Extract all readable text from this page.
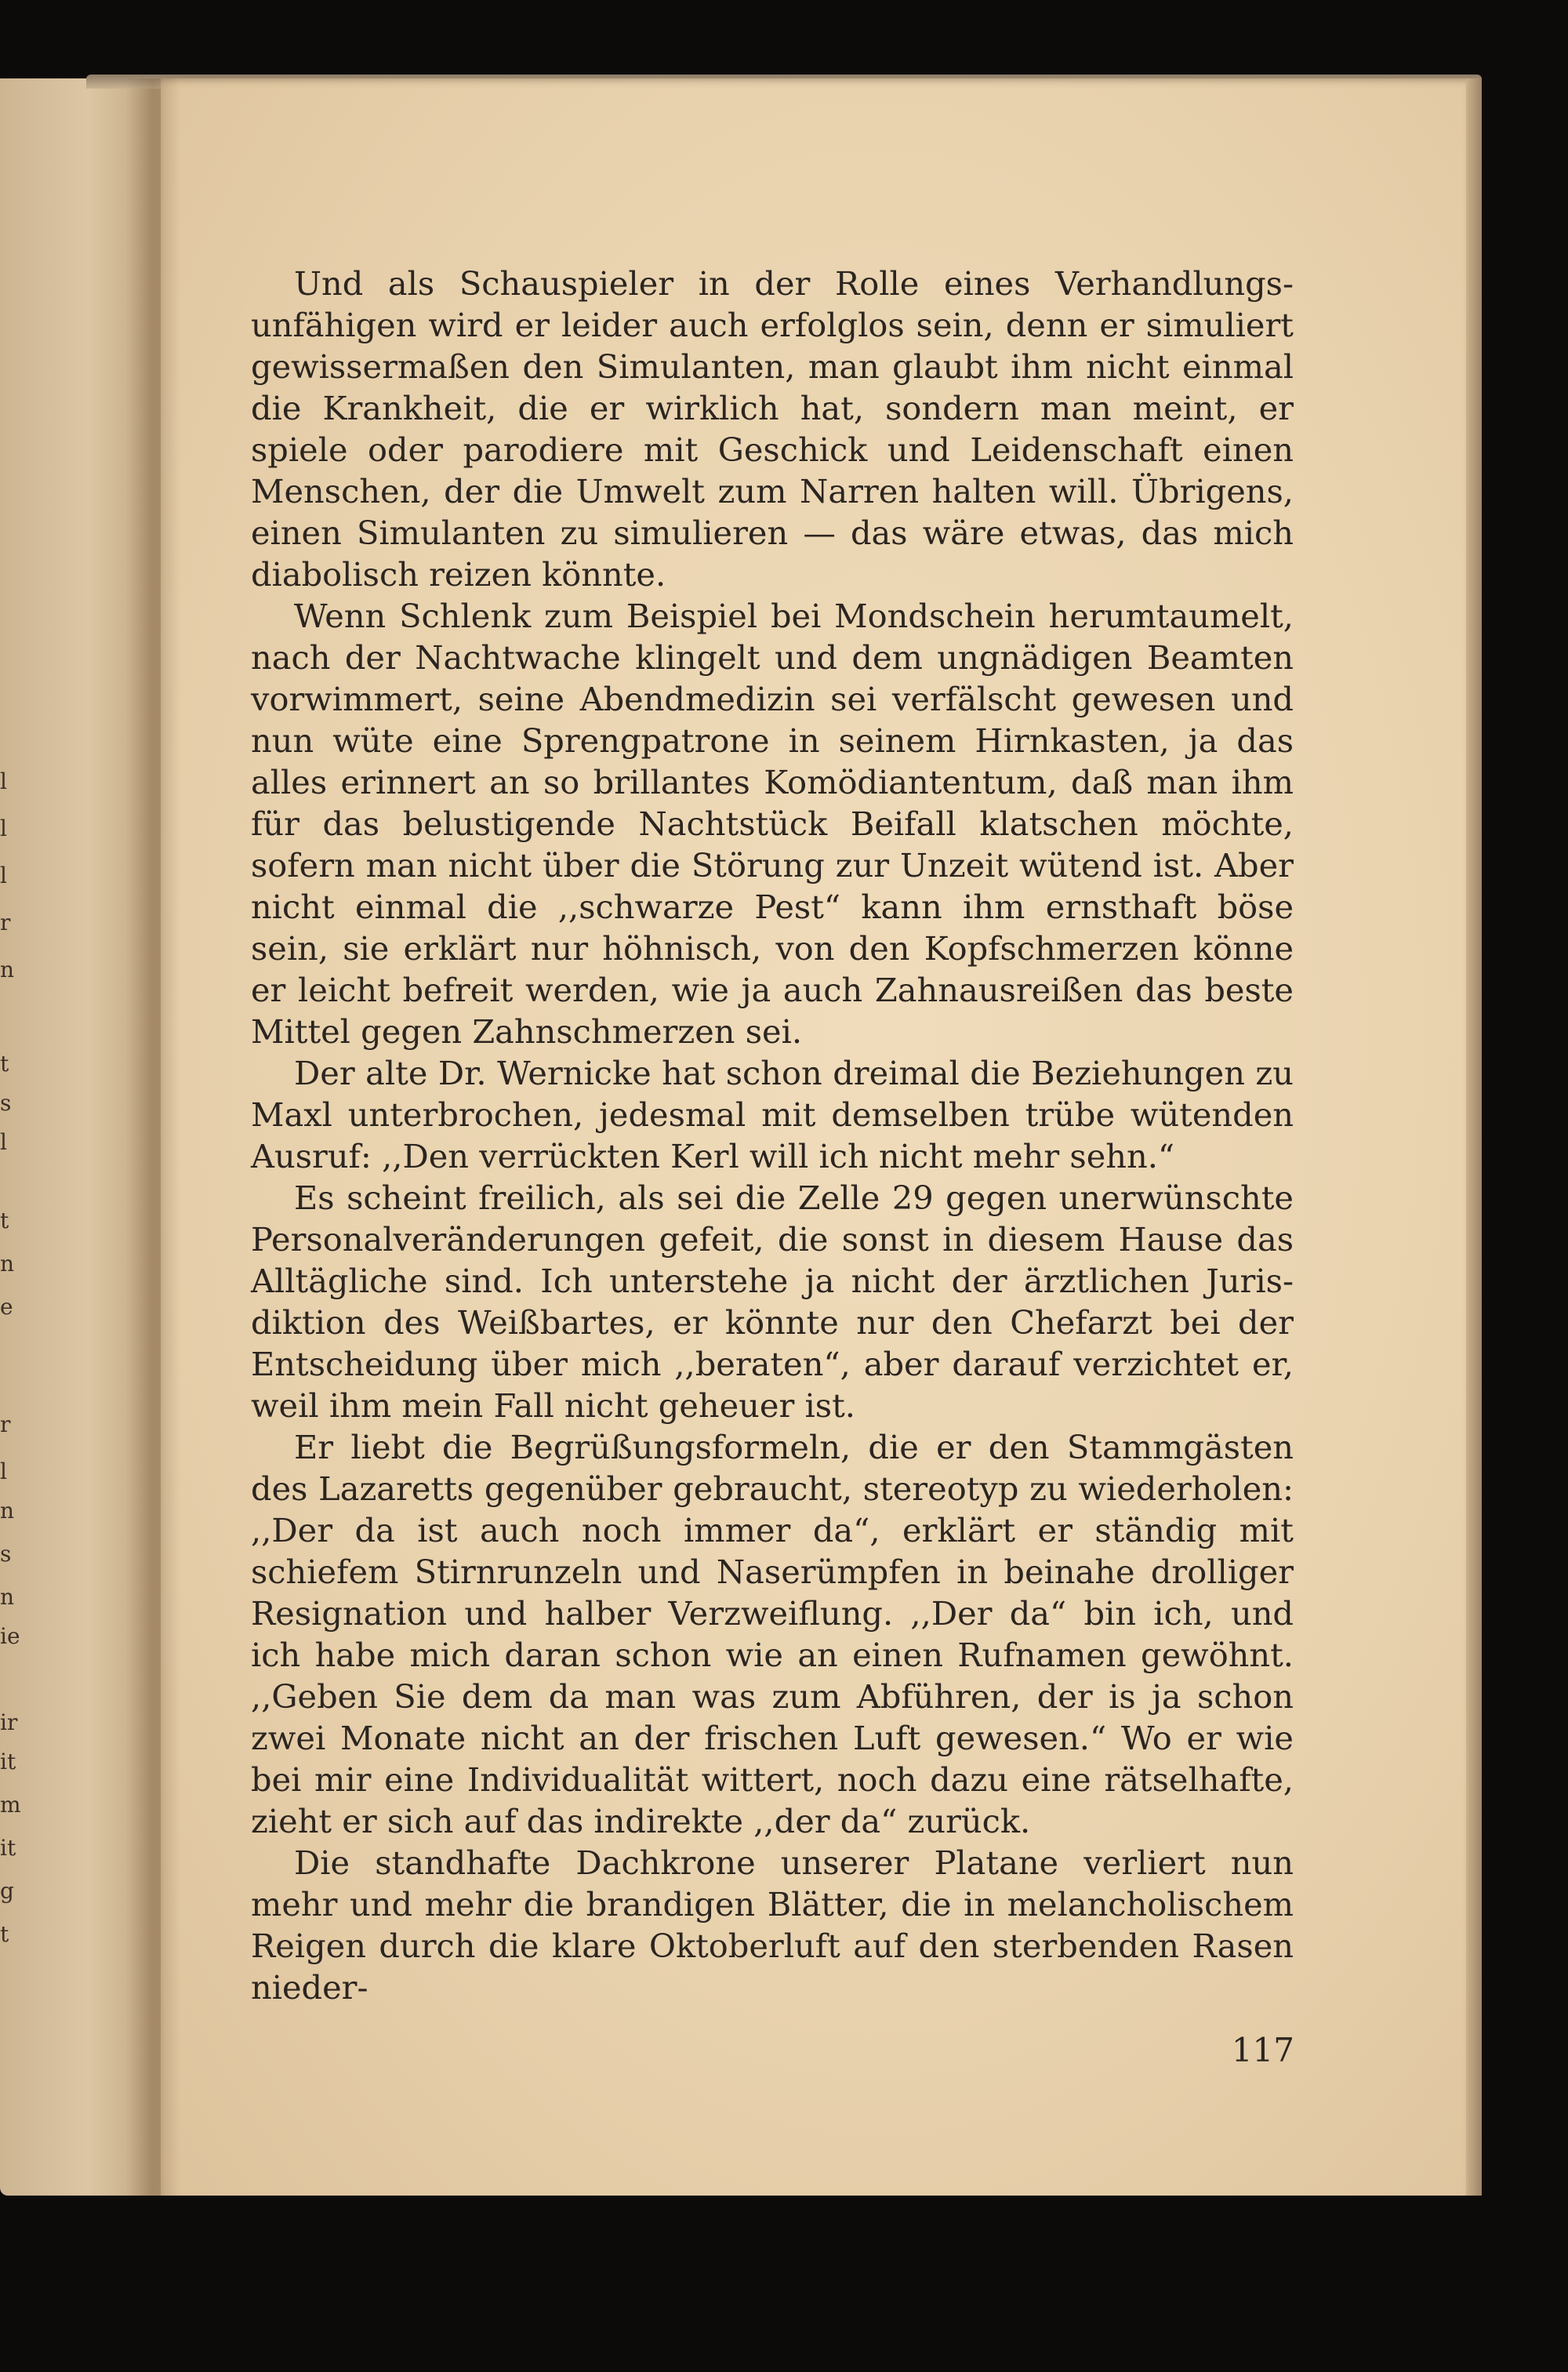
l
l
l
r
n
t
s
l
t
n
e
r
l
n
s
n
ie
ir
it
m
it
g
t

Und als Schauspieler in der Rolle eines Verhandlungsunfähigen wird er leider auch erfolglos sein, denn er simuliert gewissermaßen den Simulanten, man glaubt ihm nicht einmal die Krankheit, die er wirklich hat, sondern man meint, er spiele oder parodiere mit Geschick und Leidenschaft einen Menschen, der die Umwelt zum Narren halten will. Übrigens, einen Simulanten zu simulieren — das wäre etwas, das mich diabolisch reizen könnte.

Wenn Schlenk zum Beispiel bei Mondschein herumtaumelt, nach der Nachtwache klingelt und dem ungnädigen Beamten vorwimmert, seine Abendmedizin sei verfälscht gewesen und nun wüte eine Sprengpatrone in seinem Hirnkasten, ja das alles erinnert an so brillantes Komödiantentum, daß man ihm für das belustigende Nachtstück Beifall klatschen möchte, sofern man nicht über die Störung zur Unzeit wütend ist. Aber nicht einmal die ,,schwarze Pest“ kann ihm ernsthaft böse sein, sie erklärt nur höhnisch, von den Kopfschmerzen könne er leicht befreit werden, wie ja auch Zahnausreißen das beste Mittel gegen Zahnschmerzen sei.

Der alte Dr. Wernicke hat schon dreimal die Beziehungen zu Maxl unterbrochen, jedesmal mit demselben trübe wütenden Ausruf: ,,Den verrückten Kerl will ich nicht mehr sehn.“

Es scheint freilich, als sei die Zelle 29 gegen unerwünschte Personalveränderungen gefeit, die sonst in diesem Hause das Alltägliche sind. Ich unterstehe ja nicht der ärztlichen Jurisdiktion des Weißbartes, er könnte nur den Chefarzt bei der Entscheidung über mich ,,beraten“, aber darauf verzichtet er, weil ihm mein Fall nicht geheuer ist.

Er liebt die Begrüßungsformeln, die er den Stammgästen des Lazaretts gegenüber gebraucht, stereotyp zu wiederholen: ,,Der da ist auch noch immer da“, erklärt er ständig mit schiefem Stirnrunzeln und Naserümpfen in beinahe drolliger Resignation und halber Verzweiflung. ,,Der da“ bin ich, und ich habe mich daran schon wie an einen Rufnamen gewöhnt. ,,Geben Sie dem da man was zum Abführen, der is ja schon zwei Monate nicht an der frischen Luft gewesen.“ Wo er wie bei mir eine Individualität wittert, noch dazu eine rätselhafte, zieht er sich auf das indirekte ,,der da“ zurück.

Die standhafte Dachkrone unserer Platane verliert nun mehr und mehr die brandigen Blätter, die in melancholischem Reigen durch die klare Oktoberluft auf den sterbenden Rasen nieder-

117
